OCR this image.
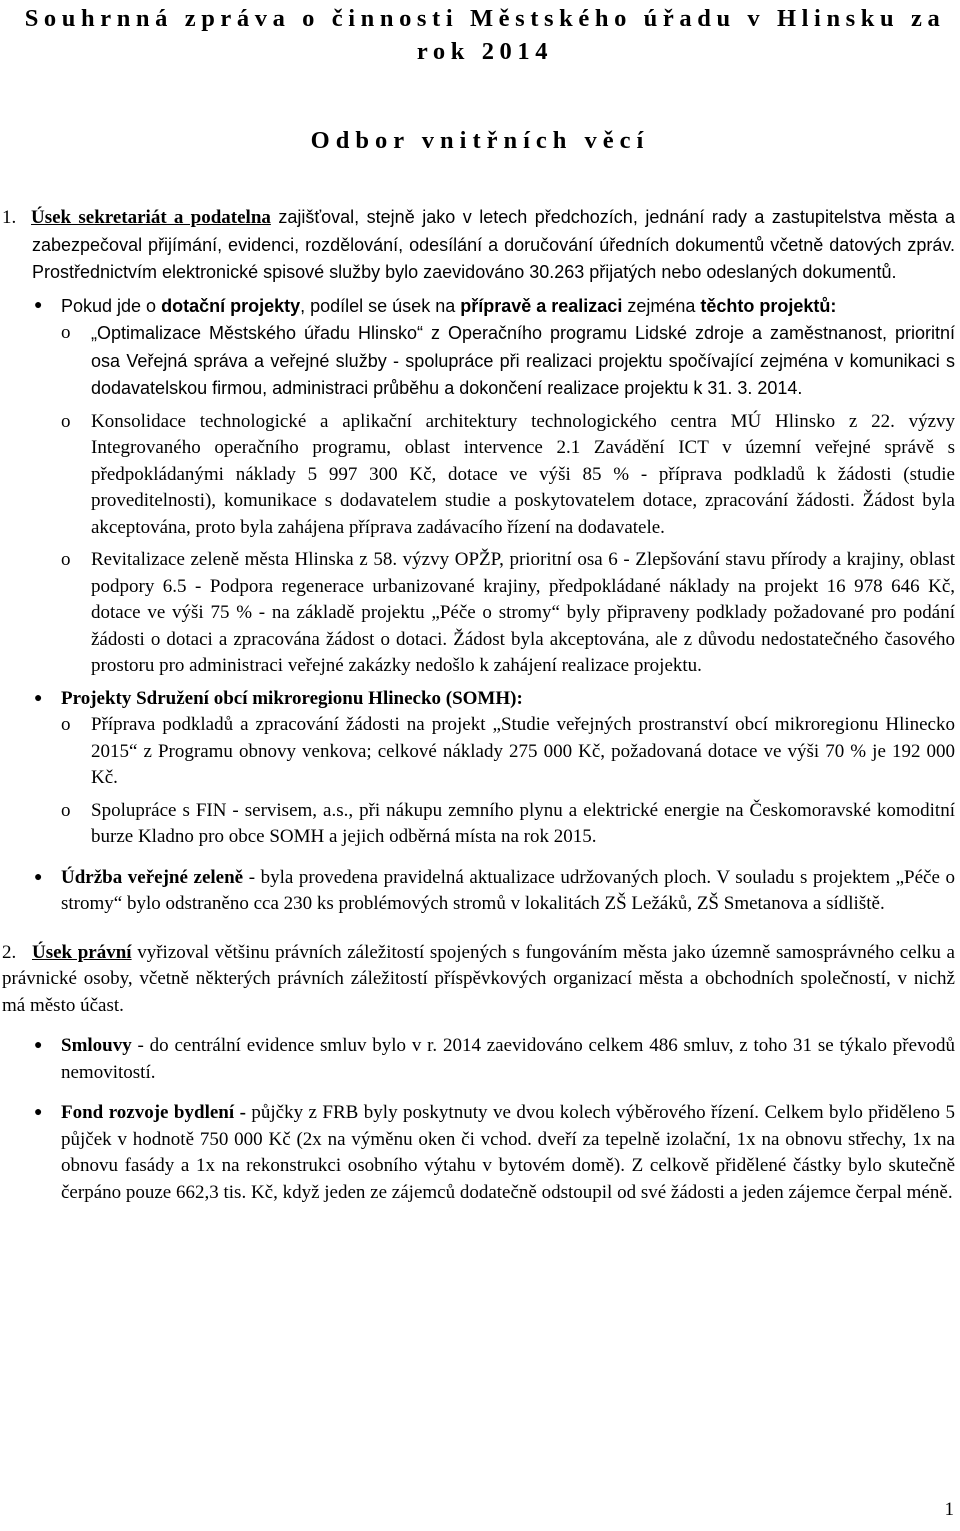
Souhrnná zpráva o činnosti Městského úřadu v Hlinsku za rok 2014
Odbor vnitřních věcí
1. Úsek sekretariát a podatelna zajišťoval, stejně jako v letech předchozích, jednání rady a zastupitelstva města a zabezpečoval přijímání, evidenci, rozdělování, odesílání a doručování úředních dokumentů včetně datových zpráv. Prostřednictvím elektronické spisové služby bylo zaevidováno 30.263 přijatých nebo odeslaných dokumentů.
● Pokud jde o dotační projekty, podílel se úsek na přípravě a realizaci zejména těchto projektů:
o „Optimalizace Městského úřadu Hlinsko“ z Operačního programu Lidské zdroje a zaměstnanost, prioritní osa Veřejná správa a veřejné služby - spolupráce při realizaci projektu spočívající zejména v komunikaci s dodavatelskou firmou, administraci průběhu a dokončení realizace projektu k 31. 3. 2014.
o Konsolidace technologické a aplikační architektury technologického centra MÚ Hlinsko z 22. výzvy Integrovaného operačního programu, oblast intervence 2.1 Zavádění ICT v územní veřejné správě s předpokládanými náklady 5 997 300 Kč, dotace ve výši 85 % - příprava podkladů k žádosti (studie proveditelnosti), komunikace s dodavatelem studie a poskytovatelem dotace, zpracování žádosti. Žádost byla akceptována, proto byla zahájena příprava zadávacího řízení na dodavatele.
o Revitalizace zeleně města Hlinska z 58. výzvy OPŽP, prioritní osa 6 - Zlepšování stavu přírody a krajiny, oblast podpory 6.5 - Podpora regenerace urbanizované krajiny, předpokládané náklady na projekt 16 978 646 Kč, dotace ve výši 75 % - na základě projektu „Péče o stromy“ byly připraveny podklady požadované pro podání žádosti o dotaci a zpracována žádost o dotaci. Žádost byla akceptována, ale z důvodu nedostatečného časového prostoru pro administraci veřejné zakázky nedošlo k zahájení realizace projektu.
● Projekty Sdružení obcí mikroregionu Hlinecko (SOMH):
o Příprava podkladů a zpracování žádosti na projekt „Studie veřejných prostranství obcí mikroregionu Hlinecko 2015“ z Programu obnovy venkova; celkové náklady 275 000 Kč, požadovaná dotace ve výši 70 % je 192 000 Kč.
o Spolupráce s FIN - servisem, a.s., při nákupu zemního plynu a elektrické energie na Českomoravské komoditní burze Kladno pro obce SOMH a jejich odběrná místa na rok 2015.
● Údržba veřejné zeleně - byla provedena pravidelná aktualizace udržovaných ploch. V souladu s projektem „Péče o stromy“ bylo odstraněno cca 230 ks problémových stromů v lokalitách ZŠ Ležáků, ZŠ Smetanova a sídliště.
2. Úsek právní vyřizoval většinu právních záležitostí spojených s fungováním města jako územně samosprávného celku a právnické osoby, včetně některých právních záležitostí příspěvkových organizací města a obchodních společností, v nichž má město účast.
● Smlouvy - do centrální evidence smluv bylo v r. 2014 zaevidováno celkem 486 smluv, z toho 31 se týkalo převodů nemovitostí.
● Fond rozvoje bydlení - půjčky z FRB byly poskytnuty ve dvou kolech výběrového řízení. Celkem bylo přiděleno 5 půjček v hodnotě 750 000 Kč (2x na výměnu oken či vchod. dveří za tepelně izolační, 1x na obnovu střechy, 1x na obnovu fasády a 1x na rekonstrukci osobního výtahu v bytovém domě). Z celkově přidělené částky bylo skutečně čerpáno pouze 662,3 tis. Kč, když jeden ze zájemců dodatečně odstoupil od své žádosti a jeden zájemce čerpal méně.
1
